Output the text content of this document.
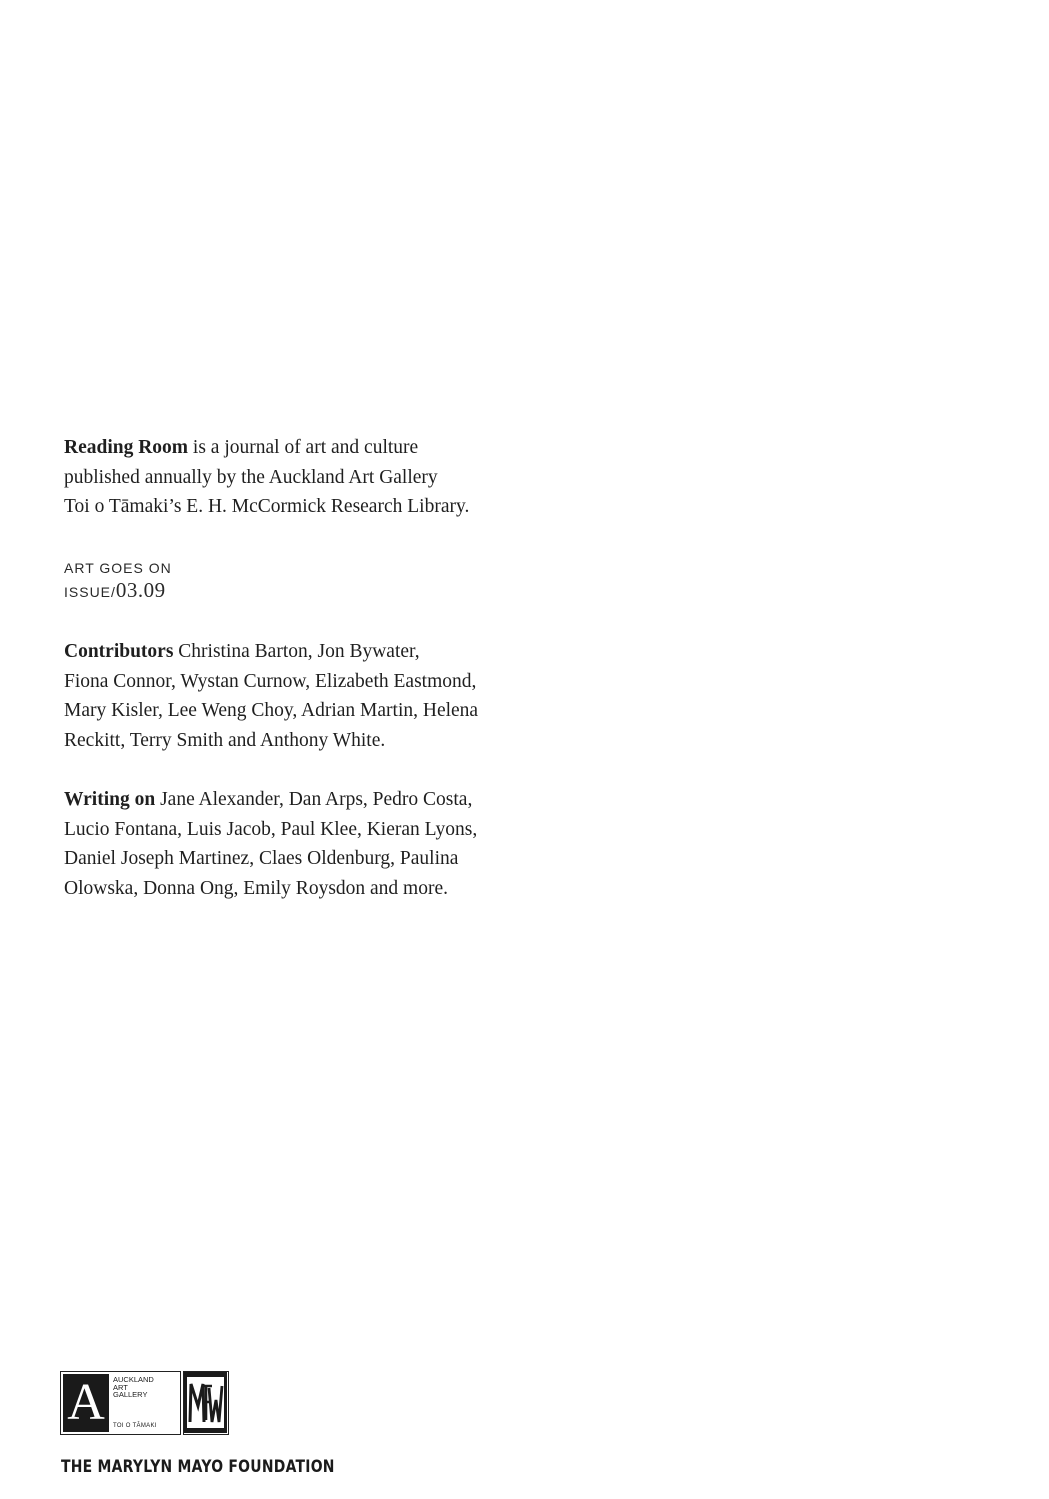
Reading Room is a journal of art and culture
published annually by the Auckland Art Gallery
Toi o Tāmaki’s E. H. McCormick Research Library.
ART GOES ON
ISSUE/03.09
Contributors Christina Barton, Jon Bywater,
Fiona Connor, Wystan Curnow, Elizabeth Eastmond,
Mary Kisler, Lee Weng Choy, Adrian Martin, Helena
Reckitt, Terry Smith and Anthony White.
Writing on Jane Alexander, Dan Arps, Pedro Costa,
Lucio Fontana, Luis Jacob, Paul Klee, Kieran Lyons,
Daniel Joseph Martinez, Claes Oldenburg, Paulina
Olowska, Donna Ong, Emily Roysdon and more.
A	AUCKLAND
ART
GALLERY
TOI O TĀMAKI
THE MARYLYN MAYO FOUNDATION
